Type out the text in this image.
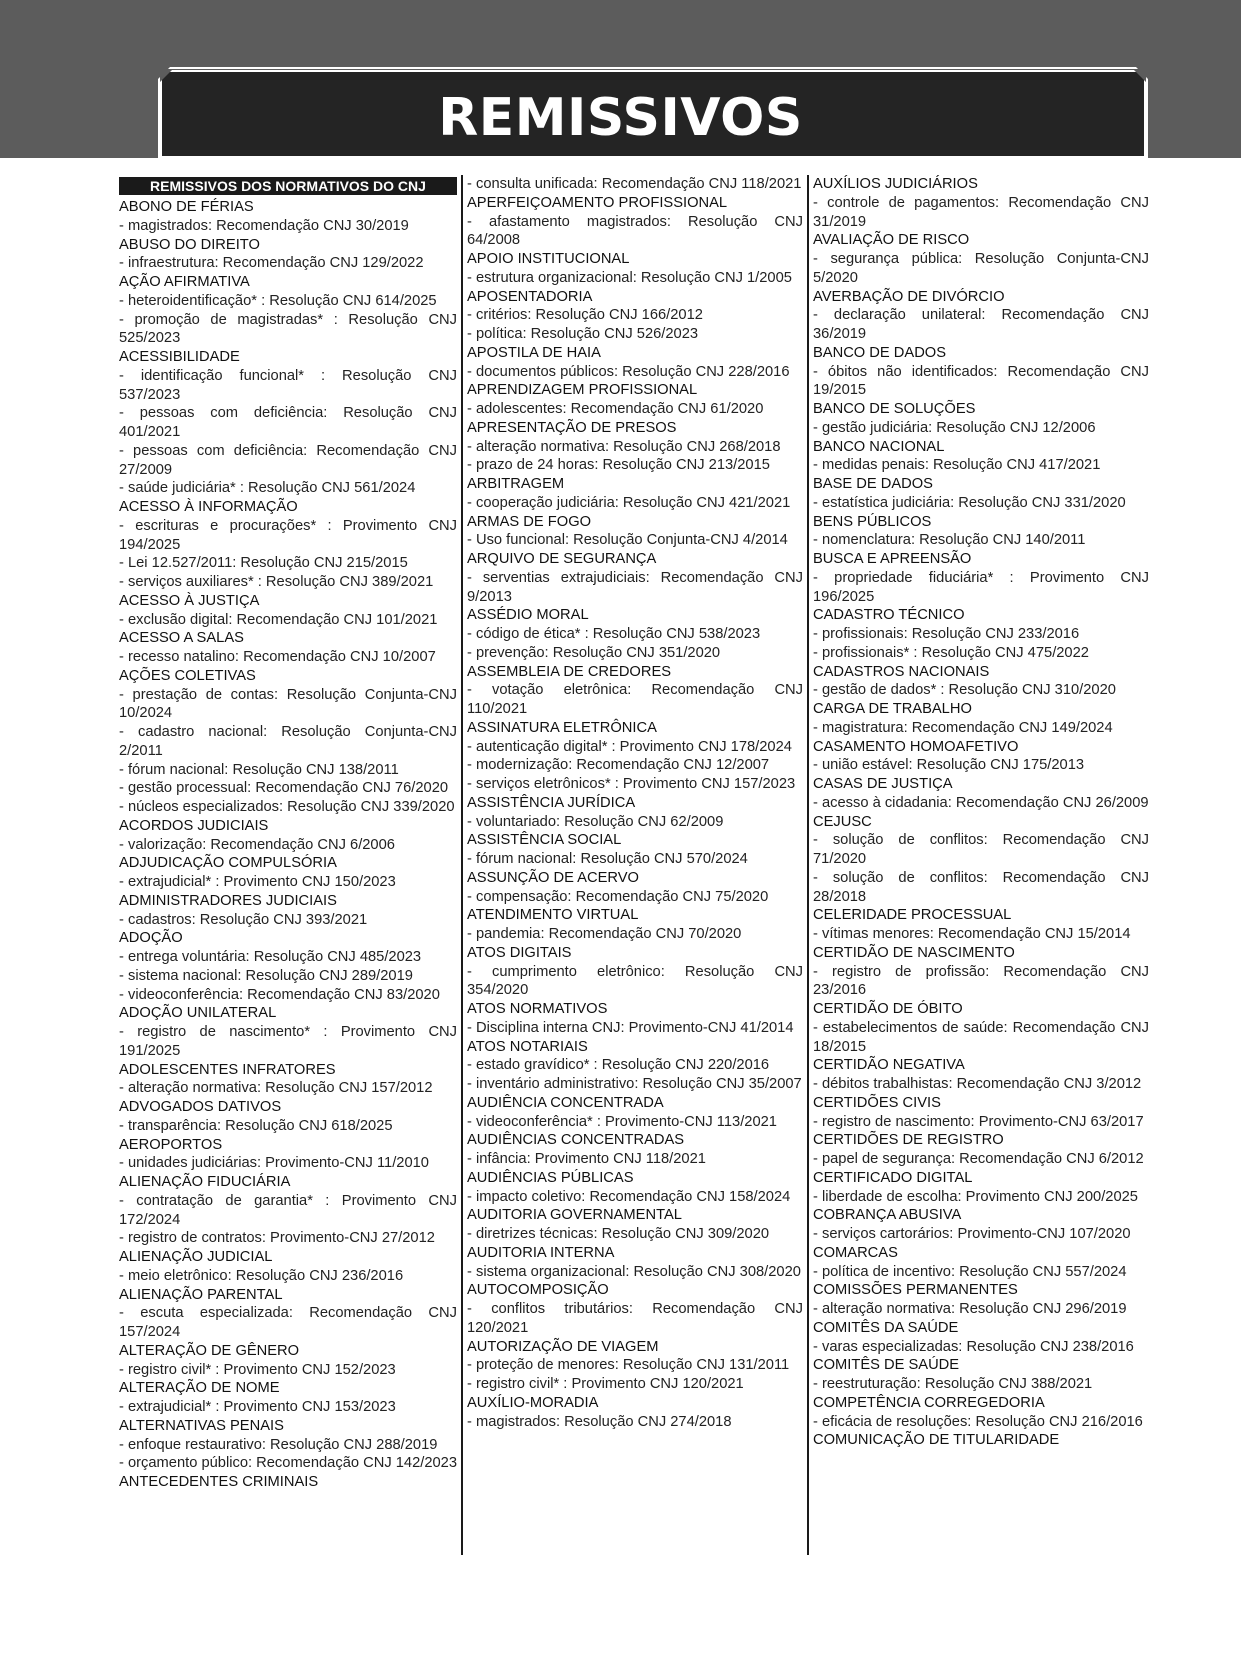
REMISSIVOS
REMISSIVOS DOS NORMATIVOS DO CNJ
ABONO DE FÉRIAS
- magistrados: Recomendação CNJ 30/2019
ABUSO DO DIREITO
- infraestrutura: Recomendação CNJ 129/2022
AÇÃO AFIRMATIVA
- heteroidentificação* : Resolução CNJ 614/2025
- promoção de magistradas* : Resolução CNJ 525/2023
ACESSIBILIDADE
- identificação funcional* : Resolução CNJ 537/2023
- pessoas com deficiência: Resolução CNJ 401/2021
- pessoas com deficiência: Recomendação CNJ 27/2009
- saúde judiciária* : Resolução CNJ 561/2024
ACESSO À INFORMAÇÃO
- escrituras e procurações* : Provimento CNJ 194/2025
- Lei 12.527/2011: Resolução CNJ 215/2015
- serviços auxiliares* : Resolução CNJ 389/2021
ACESSO À JUSTIÇA
- exclusão digital: Recomendação CNJ 101/2021
ACESSO A SALAS
- recesso natalino: Recomendação CNJ 10/2007
AÇÕES COLETIVAS
- prestação de contas: Resolução Conjunta-CNJ 10/2024
- cadastro nacional: Resolução Conjunta-CNJ 2/2011
- fórum nacional: Resolução CNJ 138/2011
- gestão processual: Recomendação CNJ 76/2020
- núcleos especializados: Resolução CNJ 339/2020
ACORDOS JUDICIAIS
- valorização: Recomendação CNJ 6/2006
ADJUDICAÇÃO COMPULSÓRIA
- extrajudicial* : Provimento CNJ 150/2023
ADMINISTRADORES JUDICIAIS
- cadastros: Resolução CNJ 393/2021
ADOÇÃO
- entrega voluntária: Resolução CNJ 485/2023
- sistema nacional: Resolução CNJ 289/2019
- videoconferência: Recomendação CNJ 83/2020
ADOÇÃO UNILATERAL
- registro de nascimento* : Provimento CNJ 191/2025
ADOLESCENTES INFRATORES
- alteração normativa: Resolução CNJ 157/2012
ADVOGADOS DATIVOS
- transparência: Resolução CNJ 618/2025
AEROPORTOS
- unidades judiciárias: Provimento-CNJ 11/2010
ALIENAÇÃO FIDUCIÁRIA
- contratação de garantia* : Provimento CNJ 172/2024
- registro de contratos: Provimento-CNJ 27/2012
ALIENAÇÃO JUDICIAL
- meio eletrônico: Resolução CNJ 236/2016
ALIENAÇÃO PARENTAL
- escuta especializada: Recomendação CNJ 157/2024
ALTERAÇÃO DE GÊNERO
- registro civil* : Provimento CNJ 152/2023
ALTERAÇÃO DE NOME
- extrajudicial* : Provimento CNJ 153/2023
ALTERNATIVAS PENAIS
- enfoque restaurativo: Resolução CNJ 288/2019
- orçamento público: Recomendação CNJ 142/2023
ANTECEDENTES CRIMINAIS
- consulta unificada: Recomendação CNJ 118/2021
APERFEIÇOAMENTO PROFISSIONAL
- afastamento magistrados: Resolução CNJ 64/2008
APOIO INSTITUCIONAL
- estrutura organizacional: Resolução CNJ 1/2005
APOSENTADORIA
- critérios: Resolução CNJ 166/2012
- política: Resolução CNJ 526/2023
APOSTILA DE HAIA
- documentos públicos: Resolução CNJ 228/2016
APRENDIZAGEM PROFISSIONAL
- adolescentes: Recomendação CNJ 61/2020
APRESENTAÇÃO DE PRESOS
- alteração normativa: Resolução CNJ 268/2018
- prazo de 24 horas: Resolução CNJ 213/2015
ARBITRAGEM
- cooperação judiciária: Resolução CNJ 421/2021
ARMAS DE FOGO
- Uso funcional: Resolução Conjunta-CNJ 4/2014
ARQUIVO DE SEGURANÇA
- serventias extrajudiciais: Recomendação CNJ 9/2013
ASSÉDIO MORAL
- código de ética* : Resolução CNJ 538/2023
- prevenção: Resolução CNJ 351/2020
ASSEMBLEIA DE CREDORES
- votação eletrônica: Recomendação CNJ 110/2021
ASSINATURA ELETRÔNICA
- autenticação digital* : Provimento CNJ 178/2024
- modernização: Recomendação CNJ 12/2007
- serviços eletrônicos* : Provimento CNJ 157/2023
ASSISTÊNCIA JURÍDICA
- voluntariado: Resolução CNJ 62/2009
ASSISTÊNCIA SOCIAL
- fórum nacional: Resolução CNJ 570/2024
ASSUNÇÃO DE ACERVO
- compensação: Recomendação CNJ 75/2020
ATENDIMENTO VIRTUAL
- pandemia: Recomendação CNJ 70/2020
ATOS DIGITAIS
- cumprimento eletrônico: Resolução CNJ 354/2020
ATOS NORMATIVOS
- Disciplina interna CNJ: Provimento-CNJ 41/2014
ATOS NOTARIAIS
- estado gravídico* : Resolução CNJ 220/2016
- inventário administrativo: Resolução CNJ 35/2007
AUDIÊNCIA CONCENTRADA
- videoconferência* : Provimento-CNJ 113/2021
AUDIÊNCIAS CONCENTRADAS
- infância: Provimento CNJ 118/2021
AUDIÊNCIAS PÚBLICAS
- impacto coletivo: Recomendação CNJ 158/2024
AUDITORIA GOVERNAMENTAL
- diretrizes técnicas: Resolução CNJ 309/2020
AUDITORIA INTERNA
- sistema organizacional: Resolução CNJ 308/2020
AUTOCOMPOSIÇÃO
- conflitos tributários: Recomendação CNJ 120/2021
AUTORIZAÇÃO DE VIAGEM
- proteção de menores: Resolução CNJ 131/2011
- registro civil* : Provimento CNJ 120/2021
AUXÍLIO-MORADIA
- magistrados: Resolução CNJ 274/2018
AUXÍLIOS JUDICIÁRIOS
- controle de pagamentos: Recomendação CNJ 31/2019
AVALIAÇÃO DE RISCO
- segurança pública: Resolução Conjunta-CNJ 5/2020
AVERBAÇÃO DE DIVÓRCIO
- declaração unilateral: Recomendação CNJ 36/2019
BANCO DE DADOS
- óbitos não identificados: Recomendação CNJ 19/2015
BANCO DE SOLUÇÕES
- gestão judiciária: Resolução CNJ 12/2006
BANCO NACIONAL
- medidas penais: Resolução CNJ 417/2021
BASE DE DADOS
- estatística judiciária: Resolução CNJ 331/2020
BENS PÚBLICOS
- nomenclatura: Resolução CNJ 140/2011
BUSCA E APREENSÃO
- propriedade fiduciária* : Provimento CNJ 196/2025
CADASTRO TÉCNICO
- profissionais: Resolução CNJ 233/2016
- profissionais* : Resolução CNJ 475/2022
CADASTROS NACIONAIS
- gestão de dados* : Resolução CNJ 310/2020
CARGA DE TRABALHO
- magistratura: Recomendação CNJ 149/2024
CASAMENTO HOMOAFETIVO
- união estável: Resolução CNJ 175/2013
CASAS DE JUSTIÇA
- acesso à cidadania: Recomendação CNJ 26/2009
CEJUSC
- solução de conflitos: Recomendação CNJ 71/2020
- solução de conflitos: Recomendação CNJ 28/2018
CELERIDADE PROCESSUAL
- vítimas menores: Recomendação CNJ 15/2014
CERTIDÃO DE NASCIMENTO
- registro de profissão: Recomendação CNJ 23/2016
CERTIDÃO DE ÓBITO
- estabelecimentos de saúde: Recomendação CNJ 18/2015
CERTIDÃO NEGATIVA
- débitos trabalhistas: Recomendação CNJ 3/2012
CERTIDÕES CIVIS
- registro de nascimento: Provimento-CNJ 63/2017
CERTIDÕES DE REGISTRO
- papel de segurança: Recomendação CNJ 6/2012
CERTIFICADO DIGITAL
- liberdade de escolha: Provimento CNJ 200/2025
COBRANÇA ABUSIVA
- serviços cartorários: Provimento-CNJ 107/2020
COMARCAS
- política de incentivo: Resolução CNJ 557/2024
COMISSÕES PERMANENTES
- alteração normativa: Resolução CNJ 296/2019
COMITÊS DA SAÚDE
- varas especializadas: Resolução CNJ 238/2016
COMITÊS DE SAÚDE
- reestruturação: Resolução CNJ 388/2021
COMPETÊNCIA CORREGEDORIA
- eficácia de resoluções: Resolução CNJ 216/2016
COMUNICAÇÃO DE TITULARIDADE
